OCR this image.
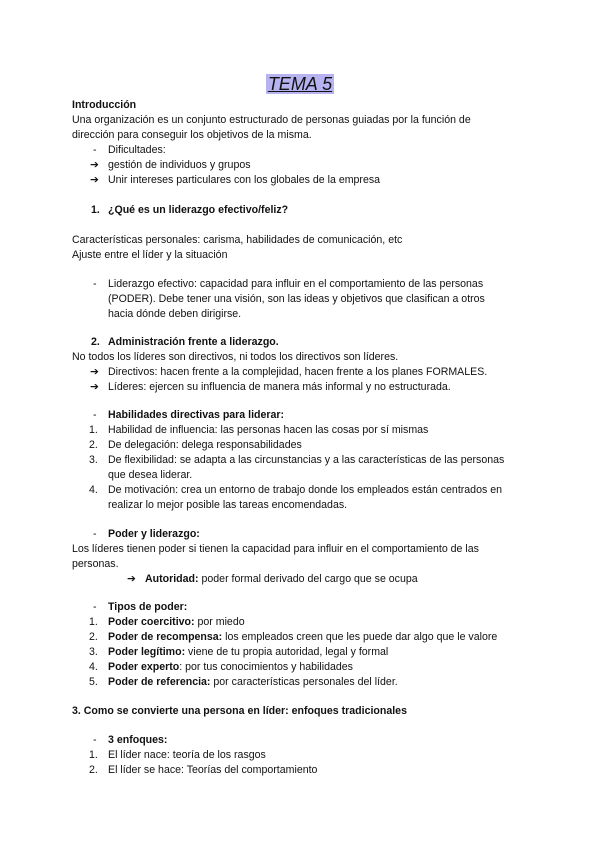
TEMA 5
Introducción
Una organización es un conjunto estructurado de personas guiadas por la función de
dirección para conseguir los objetivos de la misma.
- Dificultades:
➔ gestión de individuos y grupos
➔ Unir intereses particulares con los globales de la empresa
1. ¿Qué es un liderazgo efectivo/feliz?
Características personales: carisma, habilidades de comunicación, etc
Ajuste entre el líder y la situación
- Liderazgo efectivo: capacidad para influir en el comportamiento de las personas
(PODER). Debe tener una visión, son las ideas y objetivos que clasifican a otros
hacia dónde deben dirigirse.
2. Administración frente a liderazgo.
No todos los líderes son directivos, ni todos los directivos son líderes.
➔ Directivos: hacen frente a la complejidad, hacen frente a los planes FORMALES.
➔ Líderes: ejercen su influencia de manera más informal y no estructurada.
- Habilidades directivas para liderar:
1. Habilidad de influencia: las personas hacen las cosas por sí mismas
2. De delegación: delega responsabilidades
3. De flexibilidad: se adapta a las circunstancias y a las características de las personas
que desea liderar.
4. De motivación: crea un entorno de trabajo donde los empleados están centrados en
realizar lo mejor posible las tareas encomendadas.
- Poder y liderazgo:
Los líderes tienen poder si tienen la capacidad para influir en el comportamiento de las
personas.
➔ Autoridad: poder formal derivado del cargo que se ocupa
- Tipos de poder:
1. Poder coercitivo: por miedo
2. Poder de recompensa: los empleados creen que les puede dar algo que le valore
3. Poder legítimo: viene de tu propia autoridad, legal y formal
4. Poder experto: por tus conocimientos y habilidades
5. Poder de referencia: por características personales del líder.
3. Como se convierte una persona en líder: enfoques tradicionales
- 3 enfoques:
1. El líder nace: teoría de los rasgos
2. El líder se hace: Teorías del comportamiento
